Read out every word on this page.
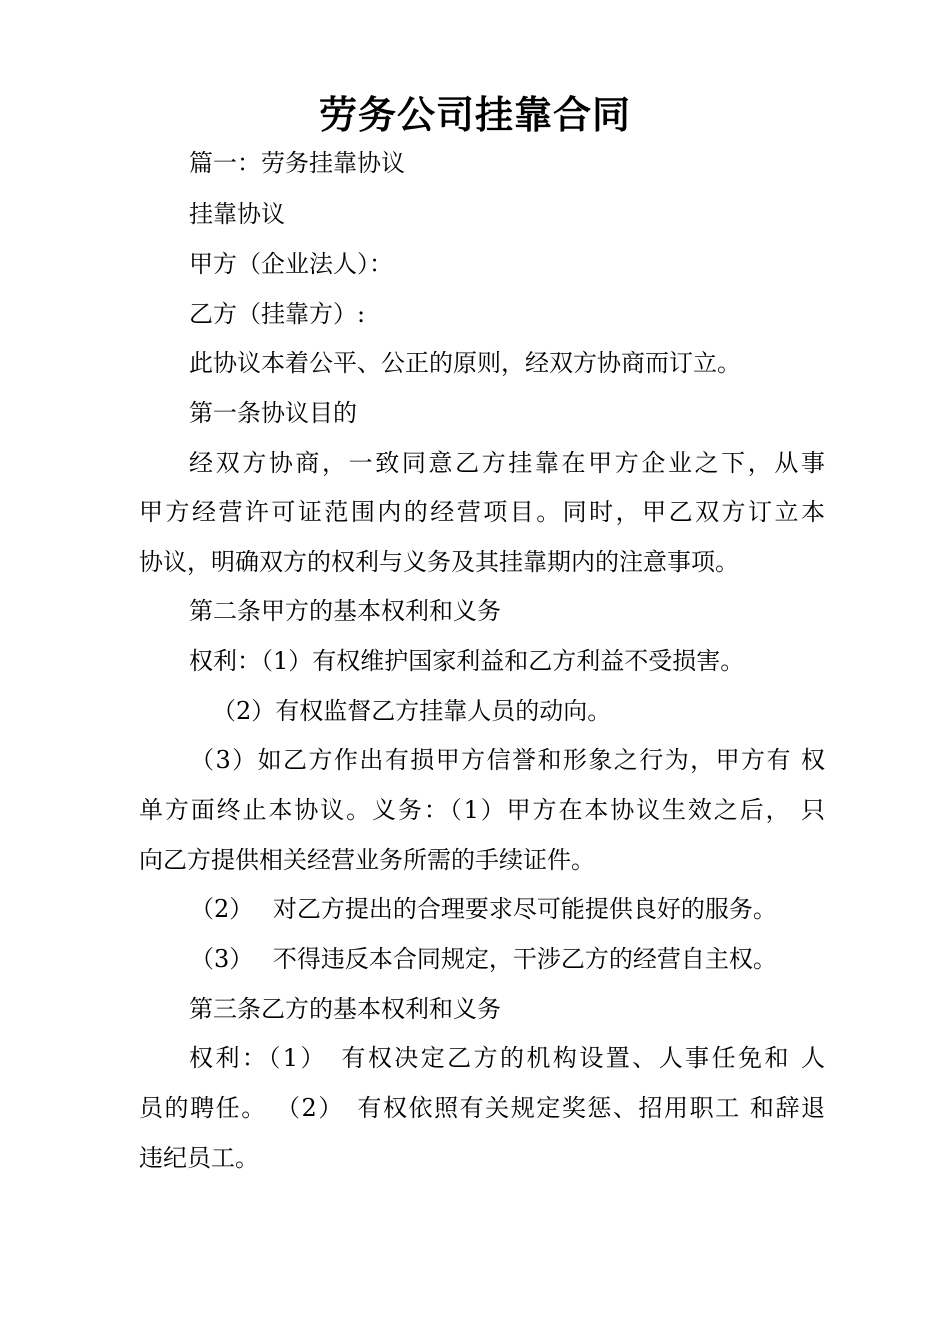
劳务公司挂靠合同
篇一：劳务挂靠协议
挂靠协议
甲方（企业法人）：
乙方（挂靠方）:
此协议本着公平、公正的原则，经双方协商而订立。
第一条协议目的
经双方协商，一致同意乙方挂靠在甲方企业之下，从事
甲方经营许可证范围内的经营项目。同时，甲乙双方订立本
协议，明确双方的权利与义务及其挂靠期内的注意事项。
第二条甲方的基本权利和义务
权利：（1）有权维护国家利益和乙方利益不受损害。
（2）有权监督乙方挂靠人员的动向。
（3）如乙方作出有损甲方信誉和形象之行为，甲方有 权
单方面终止本协议。义务：（1）甲方在本协议生效之后， 只
向乙方提供相关经营业务所需的手续证件。
（2）　 对乙方提出的合理要求尽可能提供良好的服务。
（3）　 不得违反本合同规定，干涉乙方的经营自主权。
第三条乙方的基本权利和义务
权利：（1）　有权决定乙方的机构设置、人事任免和 人
员的聘任。 （2）　有权依照有关规定奖惩、招用职工 和辞退
违纪员工。
